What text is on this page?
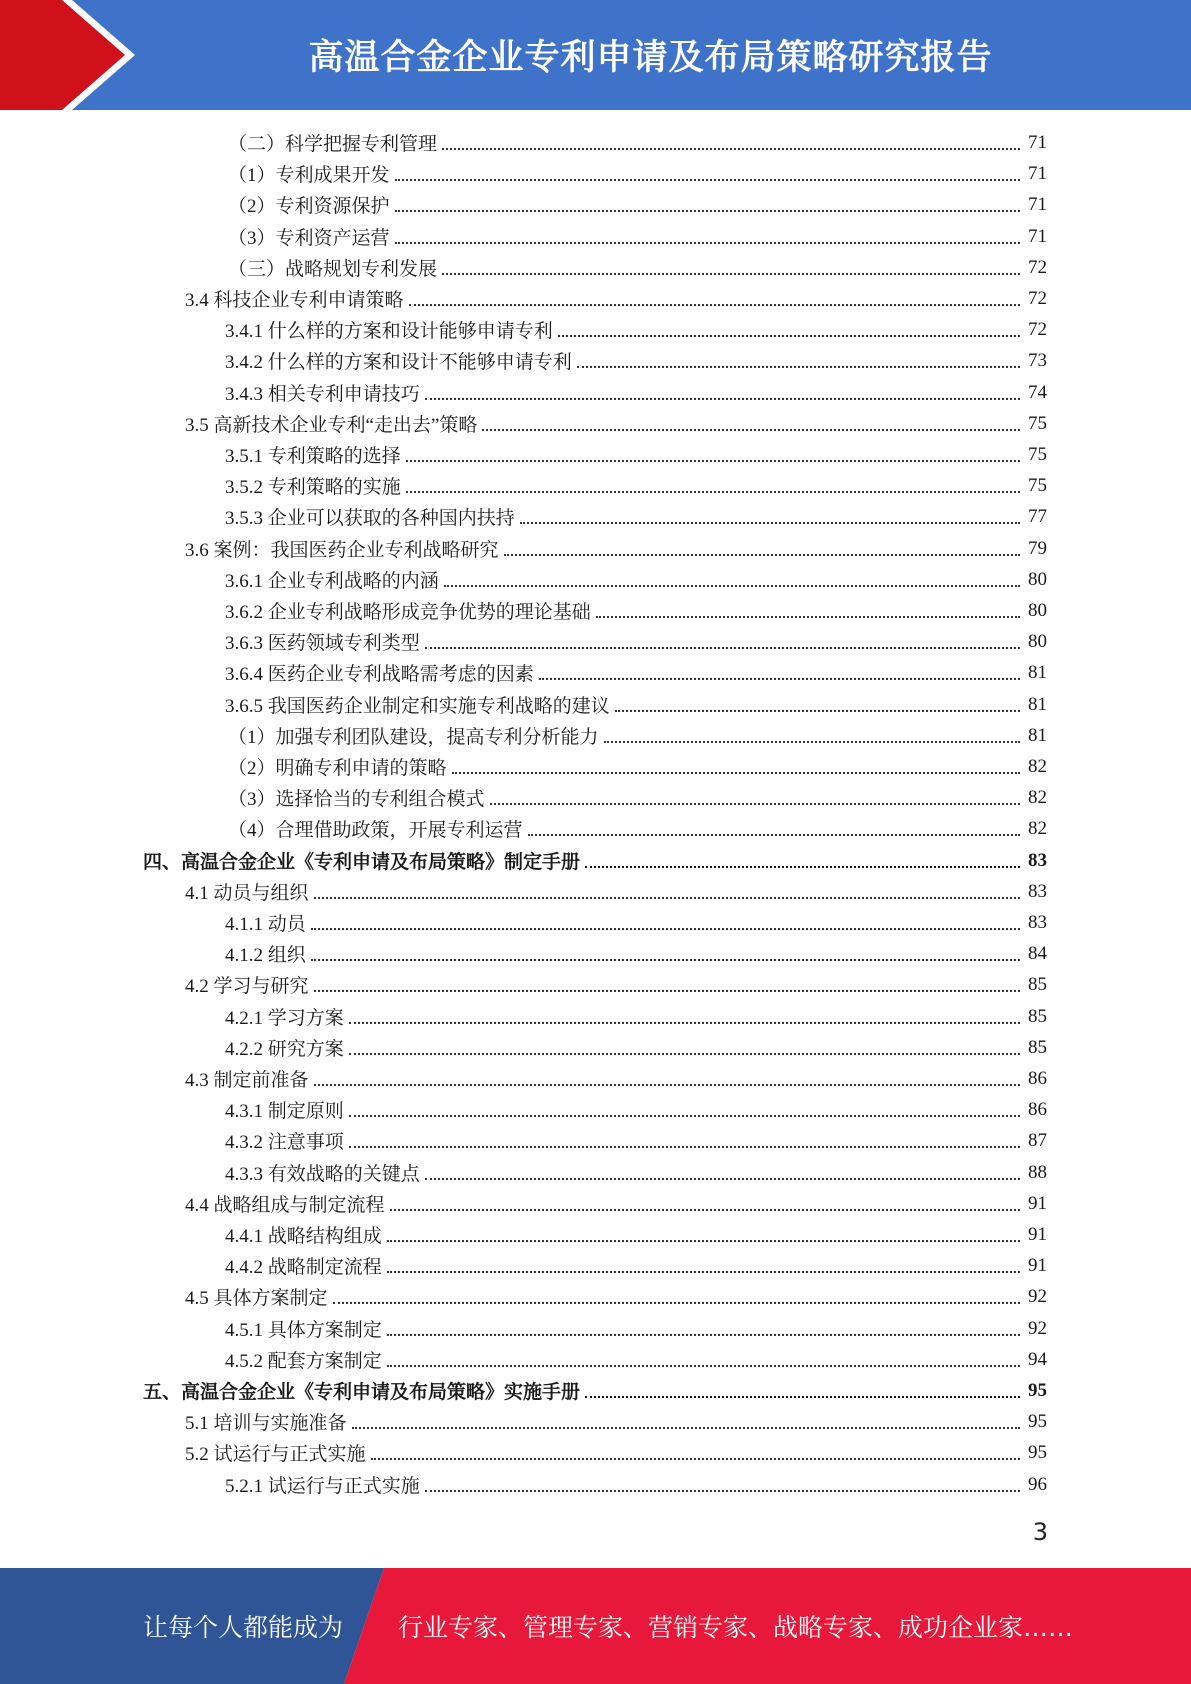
高温合金企业专利申请及布局策略研究报告
（二）科学把握专利管理	71
（1）专利成果开发	71
（2）专利资源保护	71
（3）专利资产运营	71
（三）战略规划专利发展	72
3.4 科技企业专利申请策略	72
3.4.1 什么样的方案和设计能够申请专利	72
3.4.2 什么样的方案和设计不能够申请专利	73
3.4.3 相关专利申请技巧	74
3.5 高新技术企业专利“走出去”策略	75
3.5.1 专利策略的选择	75
3.5.2 专利策略的实施	75
3.5.3 企业可以获取的各种国内扶持	77
3.6 案例：我国医药企业专利战略研究	79
3.6.1 企业专利战略的内涵	80
3.6.2 企业专利战略形成竞争优势的理论基础	80
3.6.3 医药领域专利类型	80
3.6.4 医药企业专利战略需考虑的因素	81
3.6.5 我国医药企业制定和实施专利战略的建议	81
（1）加强专利团队建设，提高专利分析能力	81
（2）明确专利申请的策略	82
（3）选择恰当的专利组合模式	82
（4）合理借助政策，开展专利运营	82
四、高温合金企业《专利申请及布局策略》制定手册	83
4.1 动员与组织	83
4.1.1 动员	83
4.1.2 组织	84
4.2 学习与研究	85
4.2.1 学习方案	85
4.2.2 研究方案	85
4.3 制定前准备	86
4.3.1 制定原则	86
4.3.2 注意事项	87
4.3.3 有效战略的关键点	88
4.4 战略组成与制定流程	91
4.4.1 战略结构组成	91
4.4.2 战略制定流程	91
4.5 具体方案制定	92
4.5.1 具体方案制定	92
4.5.2 配套方案制定	94
五、高温合金企业《专利申请及布局策略》实施手册	95
5.1 培训与实施准备	95
5.2 试运行与正式实施	95
5.2.1 试运行与正式实施	96
3
让每个人都能成为 行业专家、管理专家、营销专家、战略专家、成功企业家……
